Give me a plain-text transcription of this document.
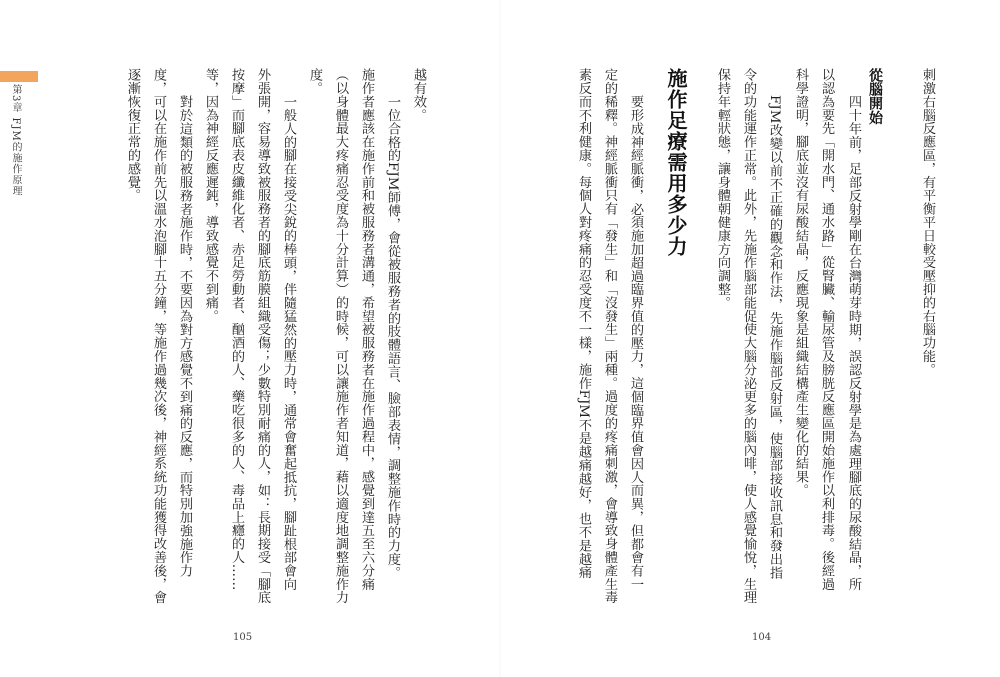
第3章 FJM的施作原理	刺激右腦反應區，有平衡平日較受壓抑的右腦功能。
從腦開始
四十年前，足部反射學剛在台灣萌芽時期，誤認反射學是為處理腳底的尿酸結晶，所
以認為要先「開水門、通水路」從腎臟、輸尿管及膀胱反應區開始施作以利排毒。後經過
科學證明，腳底並沒有尿酸結晶，反應現象是組織結構產生變化的結果。
FJM改變以前不正確的觀念和作法，先施作腦部反射區，使腦部接收訊息和發出指
令的功能運作正常。此外，先施作腦部能促使大腦分泌更多的腦內啡，使人感覺愉悅，生理
保持年輕狀態，讓身體朝健康方向調整。
施作足療需用多少力
要形成神經脈衝，必須施加超過臨界值的壓力，這個臨界值會因人而異，但都會有一
定的稀釋。神經脈衝只有「發生」和「沒發生」兩種。過度的疼痛刺激，會導致身體產生毒
素反而不利健康。每個人對疼痛的忍受度不一樣，施作FJM不是越痛越好，也不是越痛
104
越有效。
一位合格的FJM師傅，會從被服務者的肢體語言、臉部表情，調整施作時的力度。
施作者應該在施作前和被服務者溝通，希望被服務者在施作過程中，感覺到達五至六分痛
（以身體最大疼痛忍受度為十分計算）的時候，可以讓施作者知道，藉以適度地調整施作力
度。
一般人的腳在接受尖銳的棒頭，伴隨猛然的壓力時，通常會奮起抵抗，腳趾根部會向
外張開，容易導致被服務者的腳底筋膜組織受傷；少數特別耐痛的人，如：長期接受「腳底
按摩」而腳底表皮纖維化者、赤足勞動者、酗酒的人、藥吃很多的人、毒品上癮的人……
等，因為神經反應遲鈍，導致感覺不到痛。
對於這類的被服務者施作時，不要因為對方感覺不到痛的反應，而特別加強施作力
度，可以在施作前先以溫水泡腳十五分鐘，等施作過幾次後，神經系統功能獲得改善後，會
逐漸恢復正常的感覺。
105
